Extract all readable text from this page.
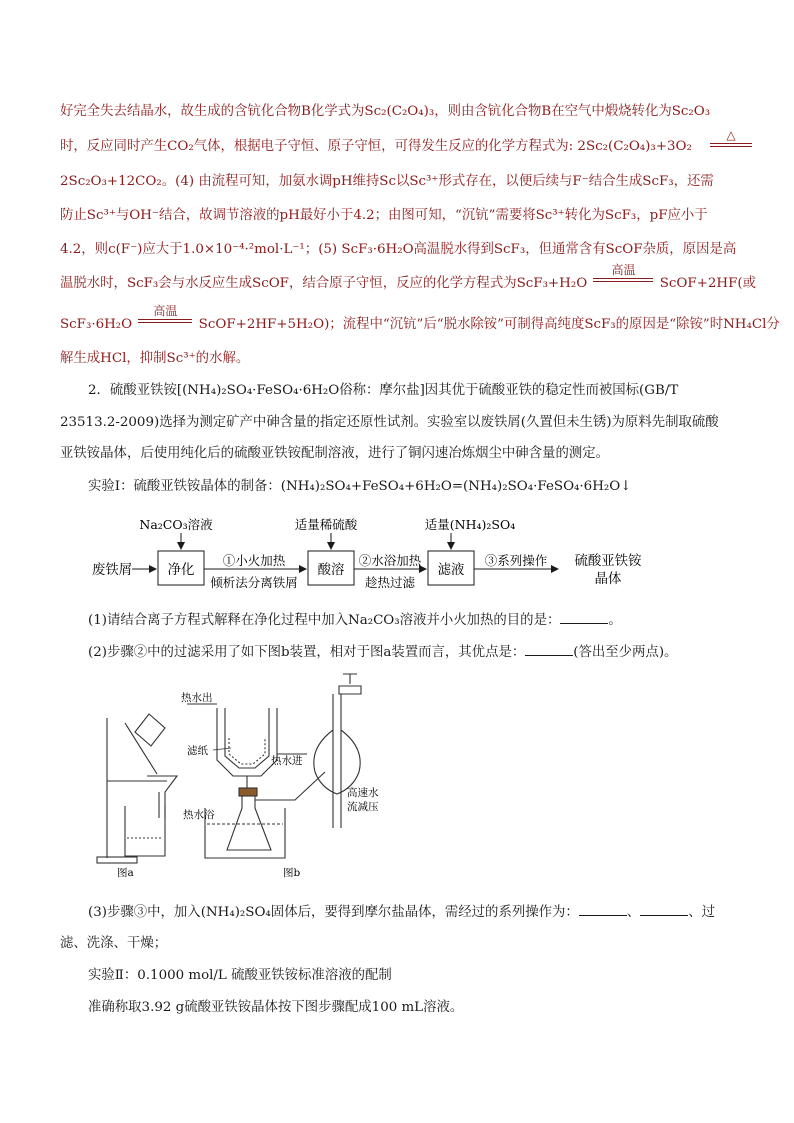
好完全失去结晶水，故生成的含钪化合物B化学式为Sc₂(C₂O₄)₃，则由含钪化合物B在空气中煅烧转化为Sc₂O₃
时，反应同时产生CO₂气体，根据电子守恒、原子守恒，可得发生反应的化学方程式为: 2Sc₂(C₂O₄)₃+3O₂
△
2Sc₂O₃+12CO₂。(4) 由流程可知，加氨水调pH维持Sc以Sc³⁺形式存在，以便后续与F⁻结合生成ScF₃，还需
防止Sc³⁺与OH⁻结合，故调节溶液的pH最好小于4.2；由图可知，“沉钪”需要将Sc³⁺转化为ScF₃，pF应小于
4.2，则c(F⁻)应大于1.0×10⁻⁴·²mol·L⁻¹；(5) ScF₃·6H₂O高温脱水得到ScF₃，但通常含有ScOF杂质，原因是高
温脱水时，ScF₃会与水反应生成ScOF，结合原子守恒，反应的化学方程式为ScF₃+H₂O
高温
ScOF+2HF(或
ScF₃·6H₂O
高温
ScOF+2HF+5H₂O)；流程中“沉钪”后“脱水除铵”可制得高纯度ScF₃的原因是“除铵”时NH₄Cl分
解生成HCl，抑制Sc³⁺的水解。
2．硫酸亚铁铵[(NH₄)₂SO₄·FeSO₄·6H₂O俗称：摩尔盐]因其优于硫酸亚铁的稳定性而被国标(GB/T
23513.2-2009)选择为测定矿产中砷含量的指定还原性试剂。实验室以废铁屑(久置但未生锈)为原料先制取硫酸
亚铁铵晶体，后使用纯化后的硫酸亚铁铵配制溶液，进行了铜闪速冶炼烟尘中砷含量的测定。
实验Ⅰ：硫酸亚铁铵晶体的制备：(NH₄)₂SO₄+FeSO₄+6H₂O=(NH₄)₂SO₄·FeSO₄·6H₂O↓
废铁屑	净化
Na₂CO₃溶液
①小火加热
倾析法分离铁屑
酸溶
适量稀硫酸
②水浴加热
趁热过滤
滤液
适量(NH₄)₂SO₄
③系列操作 硫酸亚铁铵
晶体
(1)请结合离子方程式解释在净化过程中加入Na₂CO₃溶液并小火加热的目的是：	。
(2)步骤②中的过滤采用了如下图b装置，相对于图a装置而言，其优点是：	(答出至少两点)。
热水出
滤纸
热水进
热水浴
高速水
流减压
图a	图b
(3)步骤③中，加入(NH₄)₂SO₄固体后，要得到摩尔盐晶体，需经过的系列操作为：	、	、过
滤、洗涤、干燥；
实验Ⅱ：0.1000 mol/L 硫酸亚铁铵标准溶液的配制
准确称取3.92 g硫酸亚铁铵晶体按下图步骤配成100 mL溶液。
